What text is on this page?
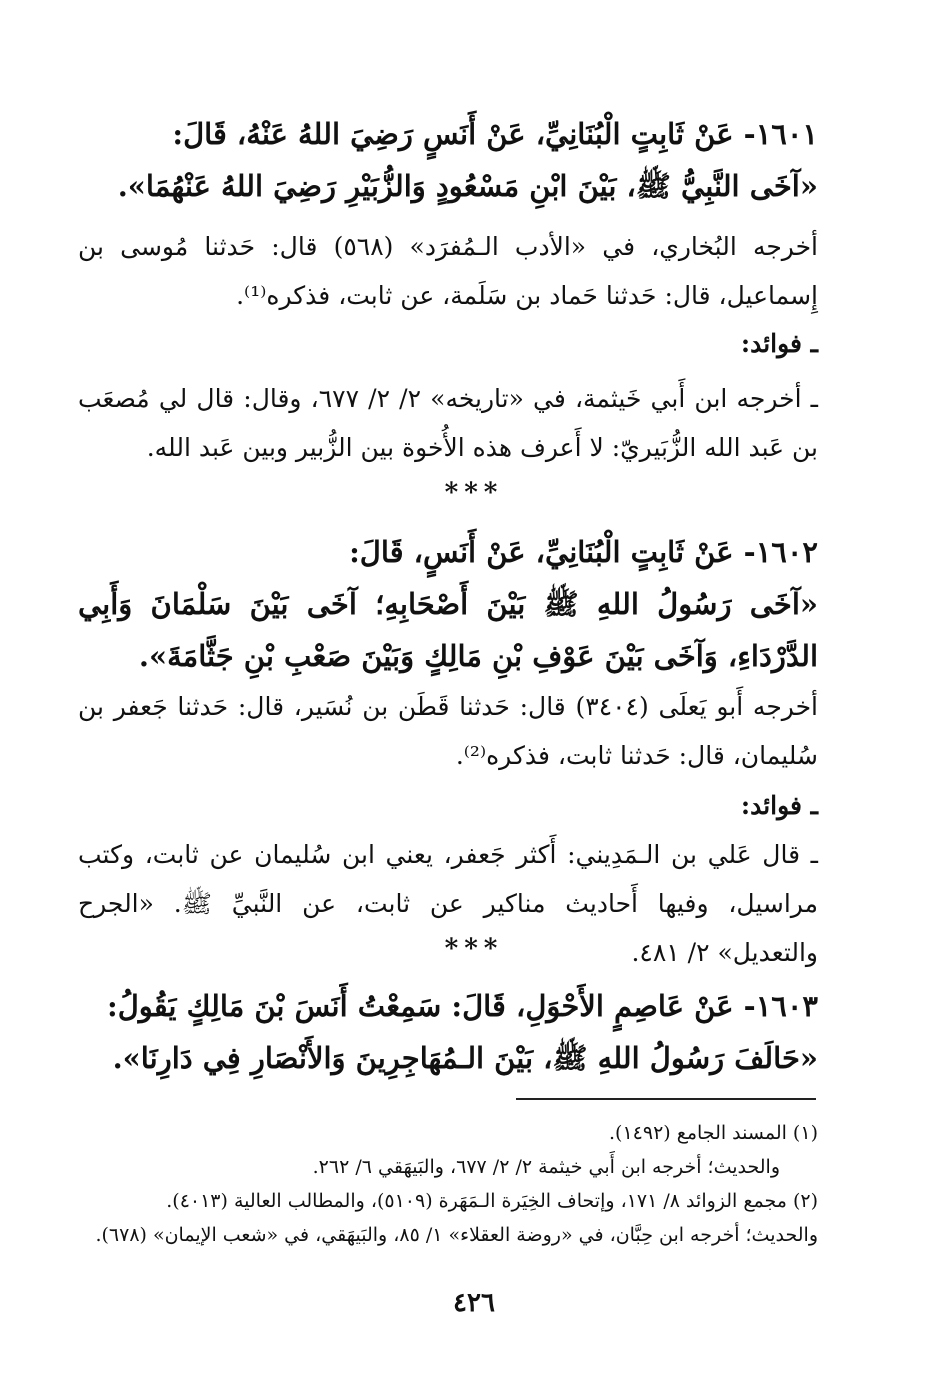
١٦٠١- عَنْ ثَابِتٍ الْبُنَانِيِّ، عَنْ أَنَسٍ رَضِيَ اللهُ عَنْهُ، قَالَ:
«آخَى النَّبِيُّ ﷺ، بَيْنَ ابْنِ مَسْعُودٍ وَالزُّبَيْرِ رَضِيَ اللهُ عَنْهُمَا».
أخرجه البُخاري، في «الأدب الـمُفرَد» (٥٦٨) قال: حَدثنا مُوسى بن إِسماعيل، قال: حَدثنا حَماد بن سَلَمة، عن ثابت، فذكره⁽¹⁾.
ـ فوائد:
ـ أخرجه ابن أَبي خَيثمة، في «تاريخه» ٢/ ٢/ ٦٧٧، وقال: قال لي مُصعَب بن عَبد الله الزُّبَيريّ: لا أَعرف هذه الأُخوة بين الزُّبير وبين عَبد الله.
***
١٦٠٢- عَنْ ثَابِتٍ الْبُنَانِيِّ، عَنْ أَنَسٍ، قَالَ:
«آخَى رَسُولُ اللهِ ﷺ بَيْنَ أَصْحَابِهِ؛ آخَى بَيْنَ سَلْمَانَ وَأَبِي الدَّرْدَاءِ، وَآخَى بَيْنَ عَوْفِ بْنِ مَالِكٍ وَبَيْنَ صَعْبِ بْنِ جَثَّامَةَ».
أخرجه أَبو يَعلَى (٣٤٠٤) قال: حَدثنا قَطَن بن نُسَير، قال: حَدثنا جَعفر بن سُليمان، قال: حَدثنا ثابت، فذكره⁽²⁾.
ـ فوائد:
ـ قال عَلي بن الـمَدِيني: أَكثر جَعفر، يعني ابن سُليمان عن ثابت، وكتب مراسيل، وفيها أَحاديث مناكير عن ثابت، عن النَّبيِّ ﷺ. «الجرح والتعديل» ٢/ ٤٨١.
***
١٦٠٣- عَنْ عَاصِمٍ الأَحْوَلِ، قَالَ: سَمِعْتُ أَنَسَ بْنَ مَالِكٍ يَقُولُ:
«حَالَفَ رَسُولُ اللهِ ﷺ، بَيْنَ الـمُهَاجِرِينَ وَالأَنْصَارِ فِي دَارِنَا».
(١) المسند الجامع (١٤٩٢).
والحديث؛ أخرجه ابن أَبي خيثمة ٢/ ٢/ ٦٧٧، والبَيهَقي ٦/ ٢٦٢.
(٢) مجمع الزوائد ٨/ ١٧١، وإتحاف الخِيَرة الـمَهَرة (٥١٠٩)، والمطالب العالية (٤٠١٣).
والحديث؛ أخرجه ابن حِبَّان، في «روضة العقلاء» ١/ ٨٥، والبَيهَقي، في «شعب الإيمان» (٦٧٨).
٤٢٦
